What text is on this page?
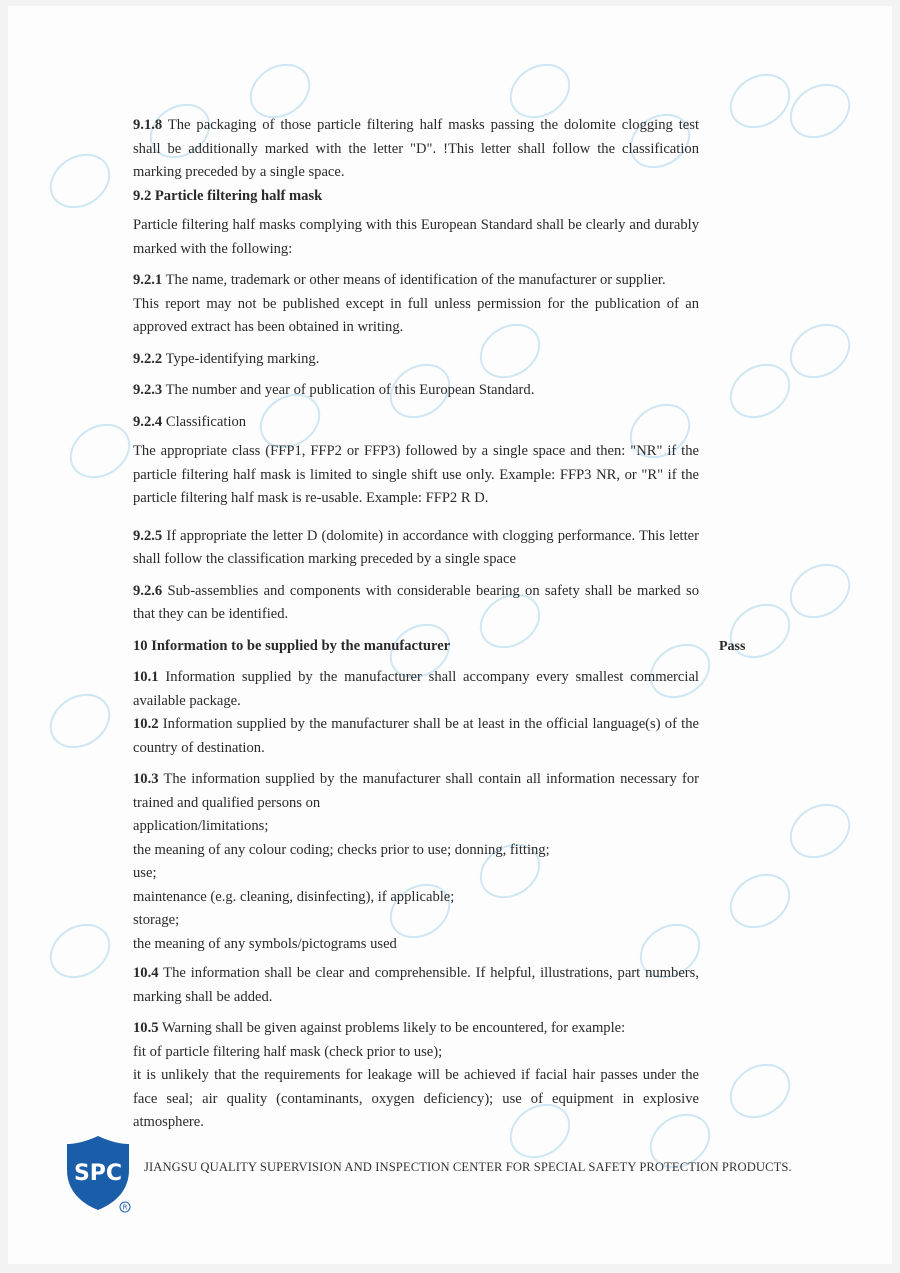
9.1.8 The packaging of those particle filtering half masks passing the dolomite clogging test shall be additionally marked with the letter "D". !This letter shall follow the classification marking preceded by a single space.

9.2 Particle filtering half mask

Particle filtering half masks complying with this European Standard shall be clearly and durably marked with the following:

9.2.1 The name, trademark or other means of identification of the manufacturer or supplier.

This report may not be published except in full unless permission for the publication of an approved extract has been obtained in writing.

9.2.2 Type-identifying marking.

9.2.3 The number and year of publication of this European Standard.

9.2.4 Classification

The appropriate class (FFP1, FFP2 or FFP3) followed by a single space and then: "NR" if the particle filtering half mask is limited to single shift use only. Example: FFP3 NR, or "R" if the particle filtering half mask is re-usable. Example: FFP2 R D.

9.2.5 If appropriate the letter D (dolomite) in accordance with clogging performance. This letter shall follow the classification marking preceded by a single space

9.2.6 Sub-assemblies and components with considerable bearing on safety shall be marked so that they can be identified.

10 Information to be supplied by the manufacturer	Pass

10.1 Information supplied by the manufacturer shall accompany every smallest commercial available package.

10.2 Information supplied by the manufacturer shall be at least in the official language(s) of the country of destination.

10.3 The information supplied by the manufacturer shall contain all information necessary for trained and qualified persons on

application/limitations;

the meaning of any colour coding; checks prior to use; donning, fitting;

use;

maintenance (e.g. cleaning, disinfecting), if applicable;

storage;

the meaning of any symbols/pictograms used

10.4 The information shall be clear and comprehensible. If helpful, illustrations, part numbers, marking shall be added.

10.5 Warning shall be given against problems likely to be encountered, for example:

fit of particle filtering half mask (check prior to use);

it is unlikely that the requirements for leakage will be achieved if facial hair passes under the face seal; air quality (contaminants, oxygen deficiency); use of equipment in explosive atmosphere.

SPC
R
JIANGSU QUALITY SUPERVISION AND INSPECTION CENTER FOR SPECIAL SAFETY PROTECTION PRODUCTS.
